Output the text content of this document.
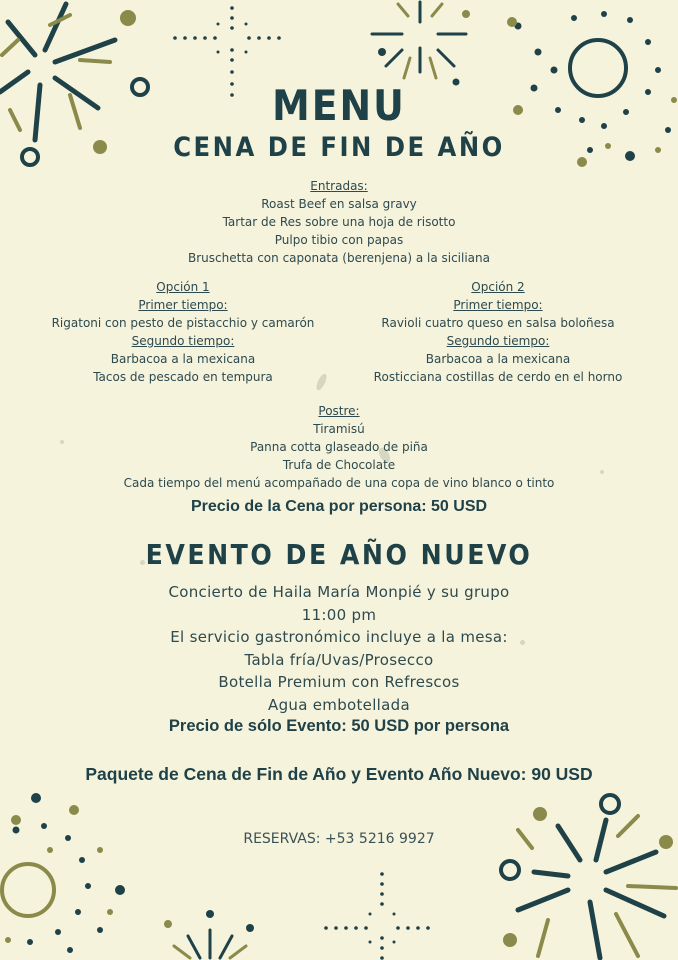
MENU
CENA DE FIN DE AÑO
Entradas:
Roast Beef en salsa gravy
Tartar de Res sobre una hoja de risotto
Pulpo tibio con papas
Bruschetta con caponata (berenjena) a la siciliana
Opción 1
Primer tiempo:
Rigatoni con pesto de pistacchio y camarón
Segundo tiempo:
Barbacoa a la mexicana
Tacos de pescado en tempura
Opción 2
Primer tiempo:
Ravioli cuatro queso en salsa boloñesa
Segundo tiempo:
Barbacoa a la mexicana
Rosticciana costillas de cerdo en el horno
Postre:
Tiramisú
Panna cotta glaseado de piña
Trufa de Chocolate
Cada tiempo del menú acompañado de una copa de vino blanco o tinto
Precio de la Cena por persona: 50 USD
EVENTO DE AÑO NUEVO
Concierto de Haila María Monpié y su grupo
11:00 pm
El servicio gastronómico incluye a la mesa:
Tabla fría/Uvas/Prosecco
Botella Premium con Refrescos
Agua embotellada
Precio de sólo Evento: 50 USD por persona
Paquete de Cena de Fin de Año y Evento Año Nuevo: 90 USD
RESERVAS: +53 5216 9927
